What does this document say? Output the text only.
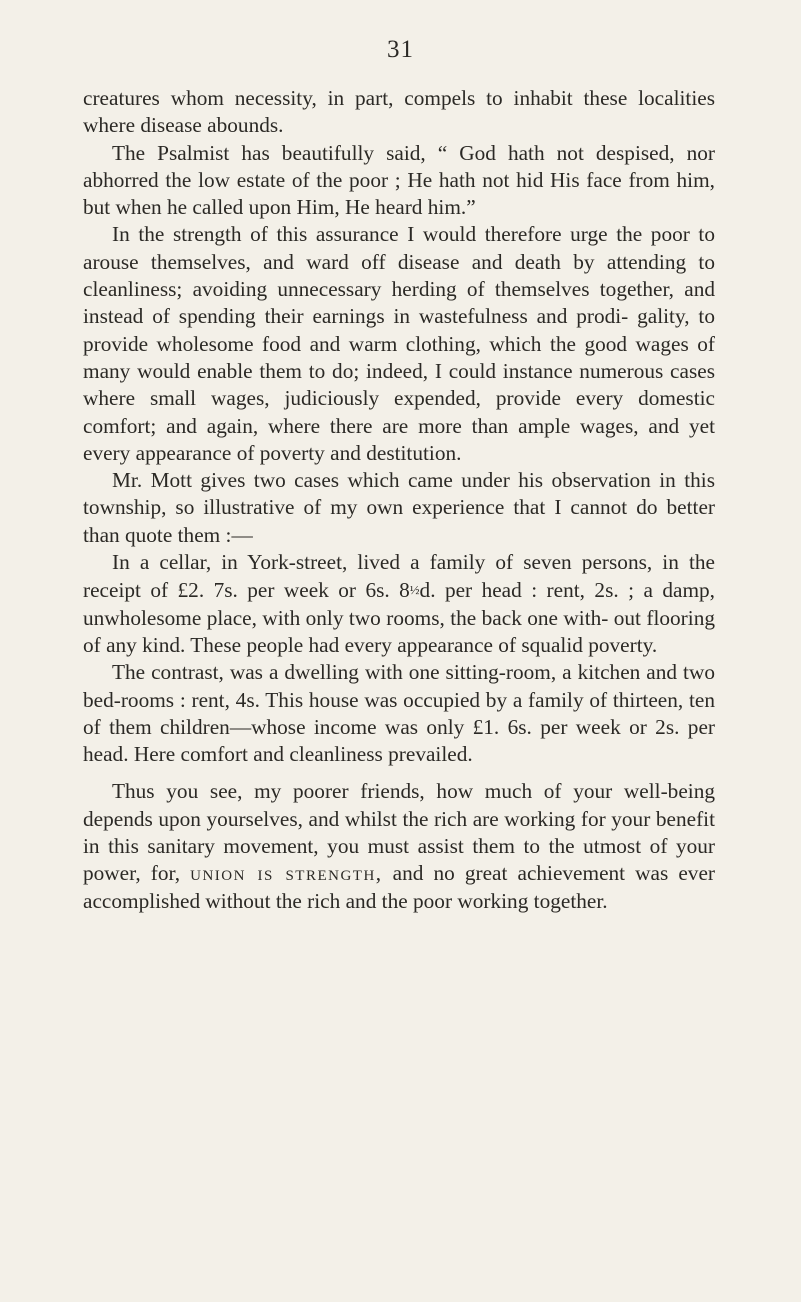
31

creatures whom necessity, in part, compels to inhabit these localities where disease abounds.

The Psalmist has beautifully said, “ God hath not despised, nor abhorred the low estate of the poor ; He hath not hid His face from him, but when he called upon Him, He heard him.”

In the strength of this assurance I would therefore urge the poor to arouse themselves, and ward off disease and death by attending to cleanliness; avoiding unnecessary herding of themselves together, and instead of spending their earnings in wastefulness and prodi- gality, to provide wholesome food and warm clothing, which the good wages of many would enable them to do; indeed, I could instance numerous cases where small wages, judiciously expended, provide every domestic comfort; and again, where there are more than ample wages, and yet every appearance of poverty and destitution.

Mr. Mott gives two cases which came under his observation in this township, so illustrative of my own experience that I cannot do better than quote them :—

In a cellar, in York-street, lived a family of seven persons, in the receipt of £2. 7s. per week or 6s. 8½d. per head : rent, 2s. ; a damp, unwholesome place, with only two rooms, the back one with- out flooring of any kind. These people had every appearance of squalid poverty.

The contrast, was a dwelling with one sitting-room, a kitchen and two bed-rooms : rent, 4s. This house was occupied by a family of thirteen, ten of them children—whose income was only £1. 6s. per week or 2s. per head. Here comfort and cleanliness prevailed.

Thus you see, my poorer friends, how much of your well-being depends upon yourselves, and whilst the rich are working for your benefit in this sanitary movement, you must assist them to the utmost of your power, for, union is strength, and no great achievement was ever accomplished without the rich and the poor working together.
